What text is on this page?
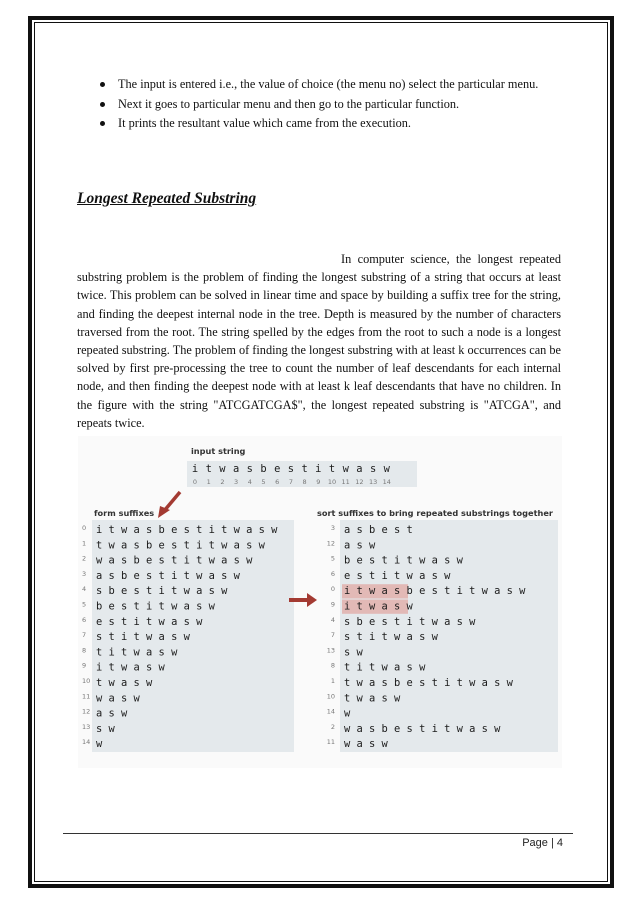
The input is entered i.e., the value of choice (the menu no) select the particular menu.
Next it goes to particular menu and then go to the particular function.
It prints the resultant value which came from the execution.
Longest Repeated Substring

In computer science, the longest repeated substring problem is the problem of finding the longest substring of a string that occurs at least twice. This problem can be solved in linear time and space by building a suffix tree for the string, and finding the deepest internal node in the tree. Depth is measured by the number of characters traversed from the root. The string spelled by the edges from the root to such a node is a longest repeated substring. The problem of finding the longest substring with at least k occurrences can be solved by first pre-processing the tree to count the number of leaf descendants for each internal node, and then finding the deepest node with at least k leaf descendants that have no children. In the figure with the string "ATCGATCGA$", the longest repeated substring is "ATCGA", and repeats twice.

input string
i
0
t
1
w
2
a
3
s
4
b
5
e
6
s
7
t
8
i
9
t
10
w
11
a
12
s
13
w
14
form suffixes
0 i t w a s b e s t i t w a s w
1 t w a s b e s t i t w a s w
2 w a s b e s t i t w a s w
3 a s b e s t i t w a s w
4 s b e s t i t w a s w
5 b e s t i t w a s w
6 e s t i t w a s w
7 s t i t w a s w
8 t i t w a s w
9 i t w a s w
10 t w a s w
11 w a s w
12 a s w
13 s w
14 w
sort suffixes to bring repeated substrings together
3 a s b e s t
12 a s w
5 b e s t i t w a s w
6 e s t i t w a s w
0 i t w a s b e s t i t w a s w
9 i t w a s w
4 s b e s t i t w a s w
7 s t i t w a s w
13 s w
8 t i t w a s w
1 t w a s b e s t i t w a s w
10 t w a s w
14 w
2 w a s b e s t i t w a s w
11 w a s w
Page | 4
